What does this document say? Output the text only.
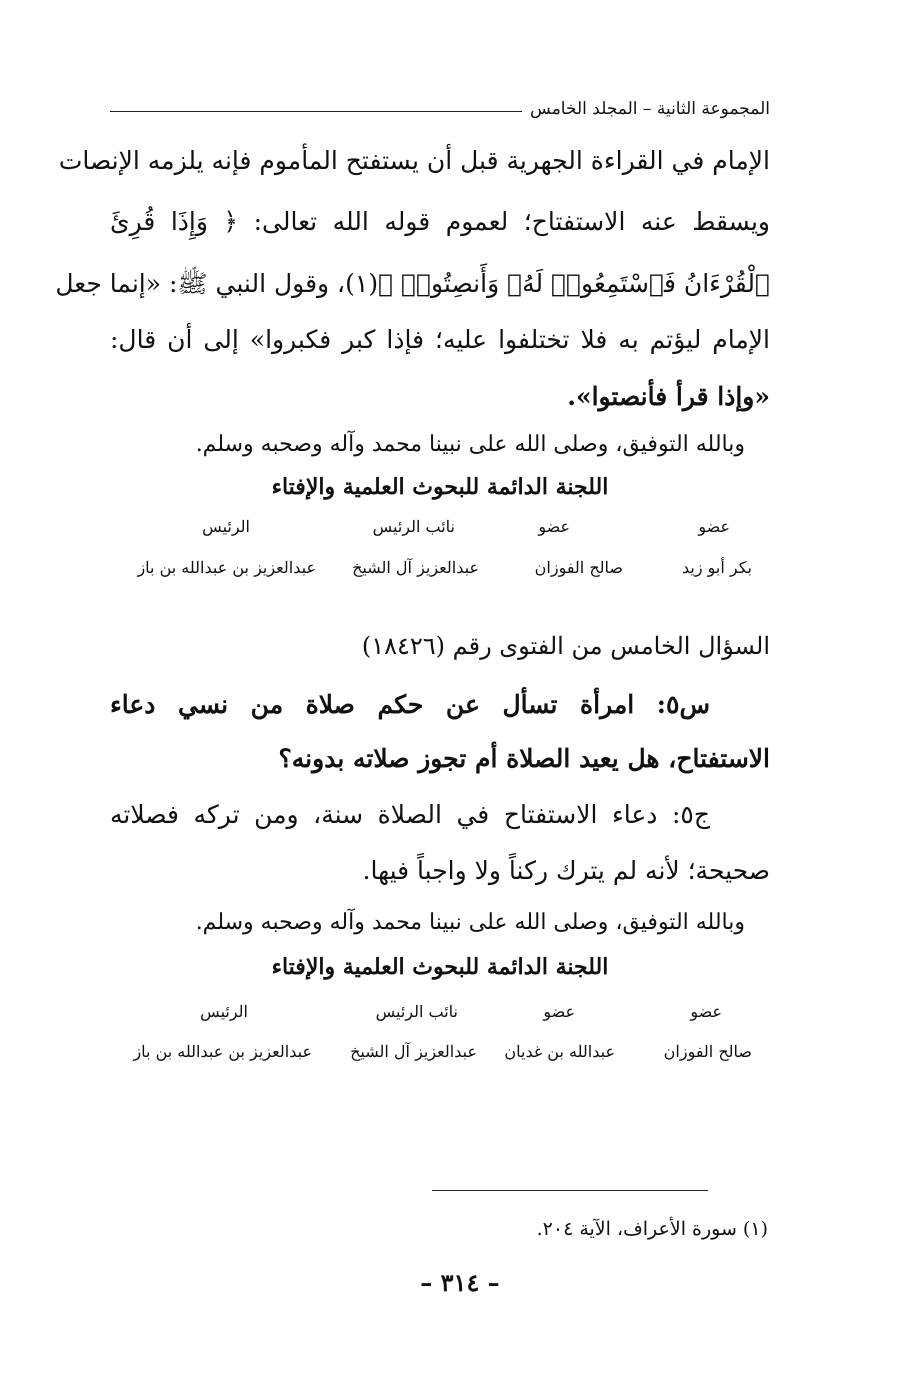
المجموعة الثانية – المجلد الخامس
الإمام في القراءة الجهرية قبل أن يستفتح المأموم فإنه يلزمه الإنصات
ويسقط عنه الاستفتاح؛ لعموم قوله الله تعالى: ﴿ وَإِذَا قُرِئَ
ٱلْقُرْءَانُ فَٱسْتَمِعُوا۟ لَهُۥ وَأَنصِتُوا۟ ﴾(١)، وقول النبي ﷺ: «إنما جعل
الإمام ليؤتم به فلا تختلفوا عليه؛ فإذا كبر فكبروا» إلى أن قال:
«وإذا قرأ فأنصتوا».
وبالله التوفيق، وصلى الله على نبينا محمد وآله وصحبه وسلم.
اللجنة الدائمة للبحوث العلمية والإفتاء
عضو
عضو
نائب الرئيس
الرئيس
بكر أبو زيد
صالح الفوزان
عبدالعزيز آل الشيخ
عبدالعزيز بن عبدالله بن باز
السؤال الخامس من الفتوى رقم (١٨٤٢٦)
س٥: امرأة تسأل عن حكم صلاة من نسي دعاء
الاستفتاح، هل يعيد الصلاة أم تجوز صلاته بدونه؟
ج٥: دعاء الاستفتاح في الصلاة سنة، ومن تركه فصلاته
صحيحة؛ لأنه لم يترك ركناً ولا واجباً فيها.
وبالله التوفيق، وصلى الله على نبينا محمد وآله وصحبه وسلم.
اللجنة الدائمة للبحوث العلمية والإفتاء
عضو
عضو
نائب الرئيس
الرئيس
صالح الفوزان
عبدالله بن غديان
عبدالعزيز آل الشيخ
عبدالعزيز بن عبدالله بن باز
(١) سورة الأعراف، الآية ٢٠٤.
– ٣١٤ –
